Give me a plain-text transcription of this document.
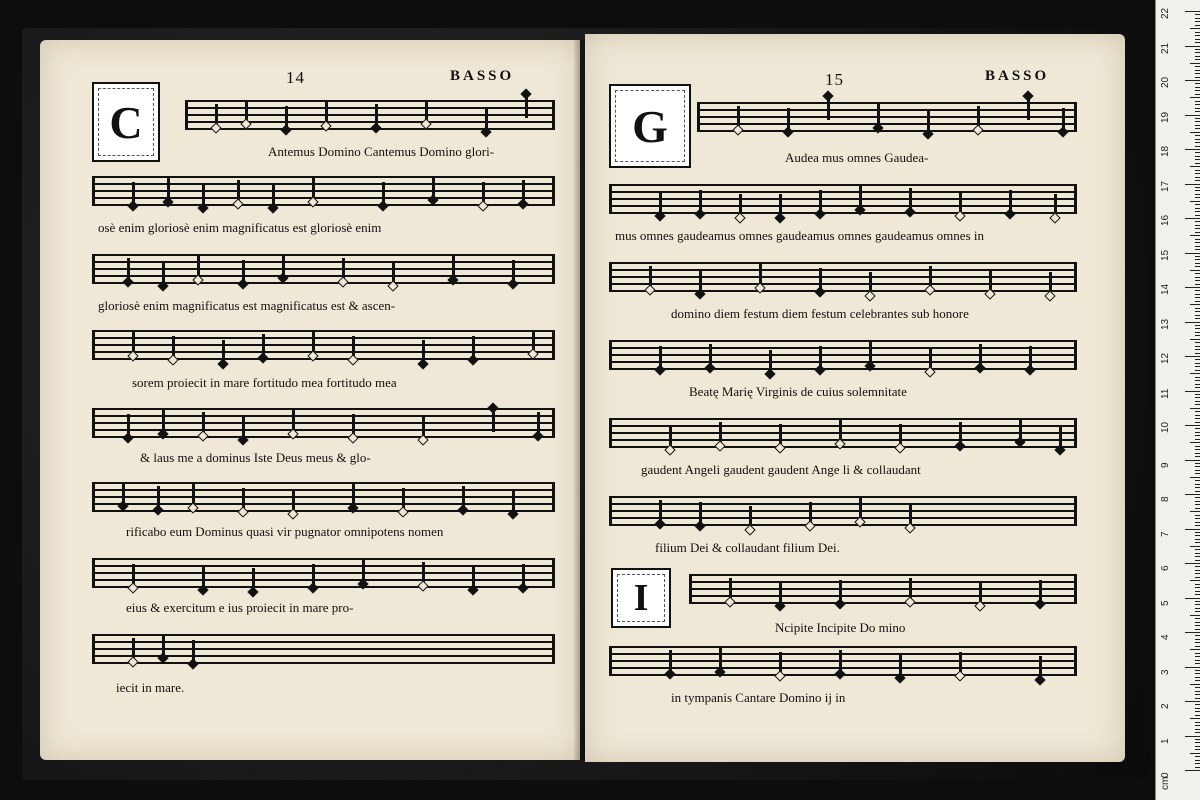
14	BASSO
C
Antemus Domino Cantemus Domino glori-
osè enim gloriosè enim magnificatus est gloriosè enim
gloriosè enim magnificatus est magnificatus est & ascen-
sorem proiecit in mare fortitudo mea fortitudo mea
& laus me a dominus Iste Deus meus & glo-
rificabo eum Dominus quasi vir pugnator omnipotens nomen
eius & exercitum e ius proiecit in mare pro-
iecit in mare.
15	BASSO
G
Audea mus omnes Gaudea-
mus omnes gaudeamus omnes gaudeamus omnes gaudeamus omnes in
domino diem festum diem festum celebrantes sub honore
Beatę Marię Virginis de cuius solemnitate
gaudent Angeli gaudent gaudent Ange li & collaudant
filium Dei & collaudant filium Dei.
I
Ncipite Incipite Do mino
in tympanis Cantare Domino ij in
0
1
2
3
4
5
6
7
8
9
10
11
12
13
14
15
16
17
18
19
20
21
22
cm
